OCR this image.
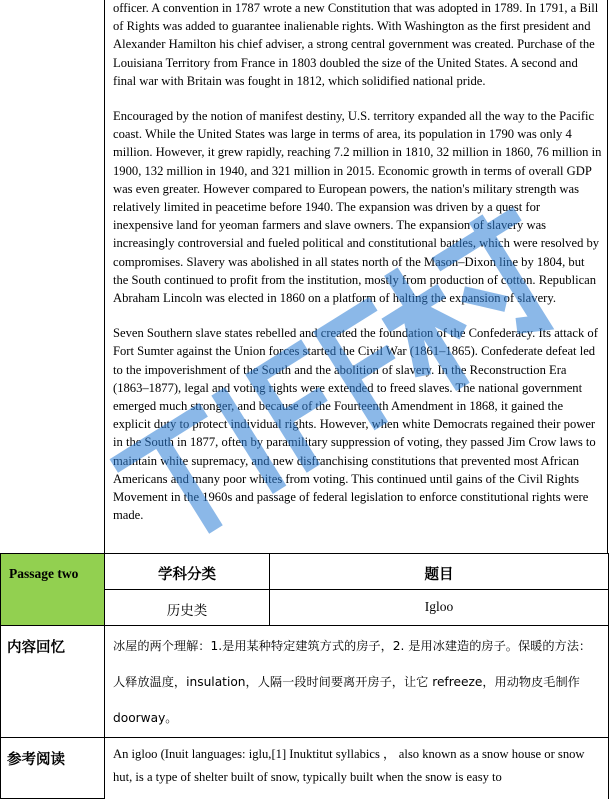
officer. A convention in 1787 wrote a new Constitution that was adopted in 1789. In 1791, a Bill of Rights was added to guarantee inalienable rights. With Washington as the first president and Alexander Hamilton his chief adviser, a strong central government was created. Purchase of the Louisiana Territory from France in 1803 doubled the size of the United States. A second and final war with Britain was fought in 1812, which solidified national pride.

Encouraged by the notion of manifest destiny, U.S. territory expanded all the way to the Pacific coast. While the United States was large in terms of area, its population in 1790 was only 4 million. However, it grew rapidly, reaching 7.2 million in 1810, 32 million in 1860, 76 million in 1900, 132 million in 1940, and 321 million in 2015. Economic growth in terms of overall GDP was even greater. However compared to European powers, the nation's military strength was relatively limited in peacetime before 1940. The expansion was driven by a quest for inexpensive land for yeoman farmers and slave owners. The expansion of slavery was increasingly controversial and fueled political and constitutional battles, which were resolved by compromises. Slavery was abolished in all states north of the Mason–Dixon line by 1804, but the South continued to profit from the institution, mostly from production of cotton. Republican Abraham Lincoln was elected in 1860 on a platform of halting the expansion of slavery.

Seven Southern slave states rebelled and created the foundation of the Confederacy. Its attack of Fort Sumter against the Union forces started the Civil War (1861–1865). Confederate defeat led to the impoverishment of the South and the abolition of slavery. In the Reconstruction Era (1863–1877), legal and voting rights were extended to freed slaves. The national government emerged much stronger, and because of the Fourteenth Amendment in 1868, it gained the explicit duty to protect individual rights. However, when white Democrats regained their power in the South in 1877, often by paramilitary suppression of voting, they passed Jim Crow laws to maintain white supremacy, and new disfranchising constitutions that prevented most African Americans and many poor whites from voting. This continued until gains of the Civil Rights Movement in the 1960s and passage of federal legislation to enforce constitutional rights were made.

Passage two	学科分类	题目
历史类	Igloo
内容回忆	冰屋的两个理解：1.是用某种特定建筑方式的房子，2. 是用冰建造的房子。保暖的方法：人释放温度，insulation，人隔一段时间要离开房子，让它 refreeze，用动物皮毛制作 doorway。
参考阅读	An igloo (Inuit languages: iglu,[1] Inuktitut syllabics ， also known as a snow house or snow hut, is a type of shelter built of snow, typically built when the snow is easy to
